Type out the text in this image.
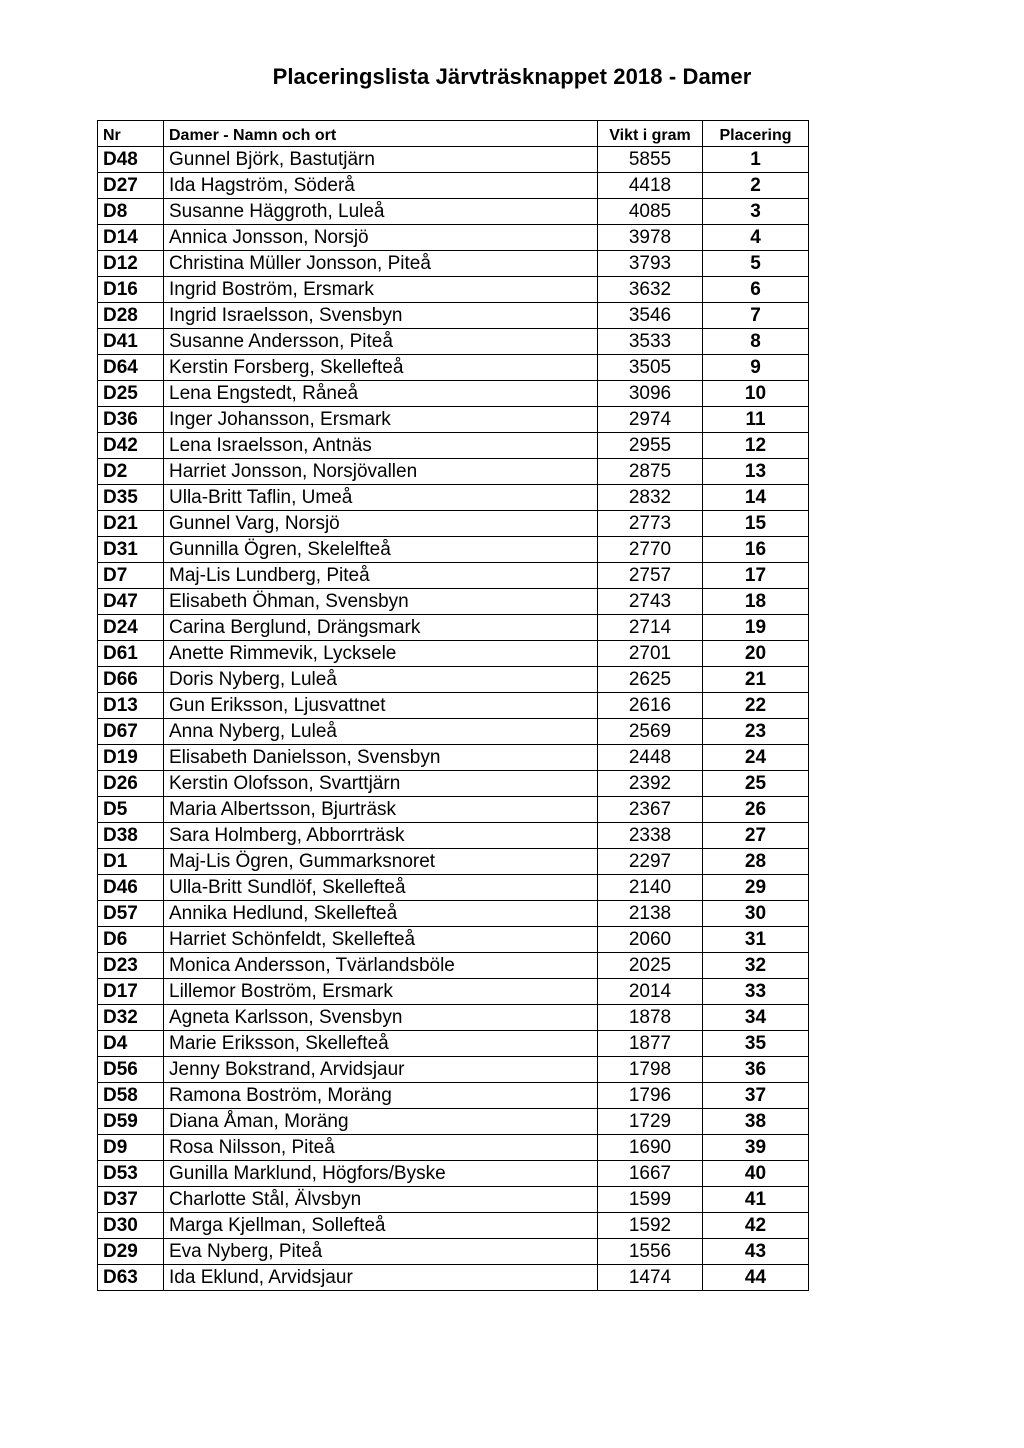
Placeringslista Järvträsknappet 2018 - Damer
Nr	Damer - Namn och ort	Vikt i gram	Placering
D48	Gunnel Björk, Bastutjärn	5855	1
D27	Ida Hagström, Söderå	4418	2
D8	Susanne Häggroth, Luleå	4085	3
D14	Annica Jonsson, Norsjö	3978	4
D12	Christina Müller Jonsson, Piteå	3793	5
D16	Ingrid Boström, Ersmark	3632	6
D28	Ingrid Israelsson, Svensbyn	3546	7
D41	Susanne Andersson, Piteå	3533	8
D64	Kerstin Forsberg, Skellefteå	3505	9
D25	Lena Engstedt, Råneå	3096	10
D36	Inger Johansson, Ersmark	2974	11
D42	Lena Israelsson, Antnäs	2955	12
D2	Harriet Jonsson, Norsjövallen	2875	13
D35	Ulla-Britt Taflin, Umeå	2832	14
D21	Gunnel Varg, Norsjö	2773	15
D31	Gunnilla Ögren, Skelelfteå	2770	16
D7	Maj-Lis Lundberg, Piteå	2757	17
D47	Elisabeth Öhman, Svensbyn	2743	18
D24	Carina Berglund, Drängsmark	2714	19
D61	Anette Rimmevik, Lycksele	2701	20
D66	Doris Nyberg, Luleå	2625	21
D13	Gun Eriksson, Ljusvattnet	2616	22
D67	Anna Nyberg, Luleå	2569	23
D19	Elisabeth Danielsson, Svensbyn	2448	24
D26	Kerstin Olofsson, Svarttjärn	2392	25
D5	Maria Albertsson, Bjurträsk	2367	26
D38	Sara Holmberg, Abborrträsk	2338	27
D1	Maj-Lis Ögren, Gummarksnoret	2297	28
D46	Ulla-Britt Sundlöf, Skellefteå	2140	29
D57	Annika Hedlund, Skellefteå	2138	30
D6	Harriet Schönfeldt, Skellefteå	2060	31
D23	Monica Andersson, Tvärlandsböle	2025	32
D17	Lillemor Boström, Ersmark	2014	33
D32	Agneta Karlsson, Svensbyn	1878	34
D4	Marie Eriksson, Skellefteå	1877	35
D56	Jenny Bokstrand, Arvidsjaur	1798	36
D58	Ramona Boström, Moräng	1796	37
D59	Diana Åman, Moräng	1729	38
D9	Rosa Nilsson, Piteå	1690	39
D53	Gunilla Marklund, Högfors/Byske	1667	40
D37	Charlotte Stål, Älvsbyn	1599	41
D30	Marga Kjellman, Sollefteå	1592	42
D29	Eva Nyberg, Piteå	1556	43
D63	Ida Eklund, Arvidsjaur	1474	44
